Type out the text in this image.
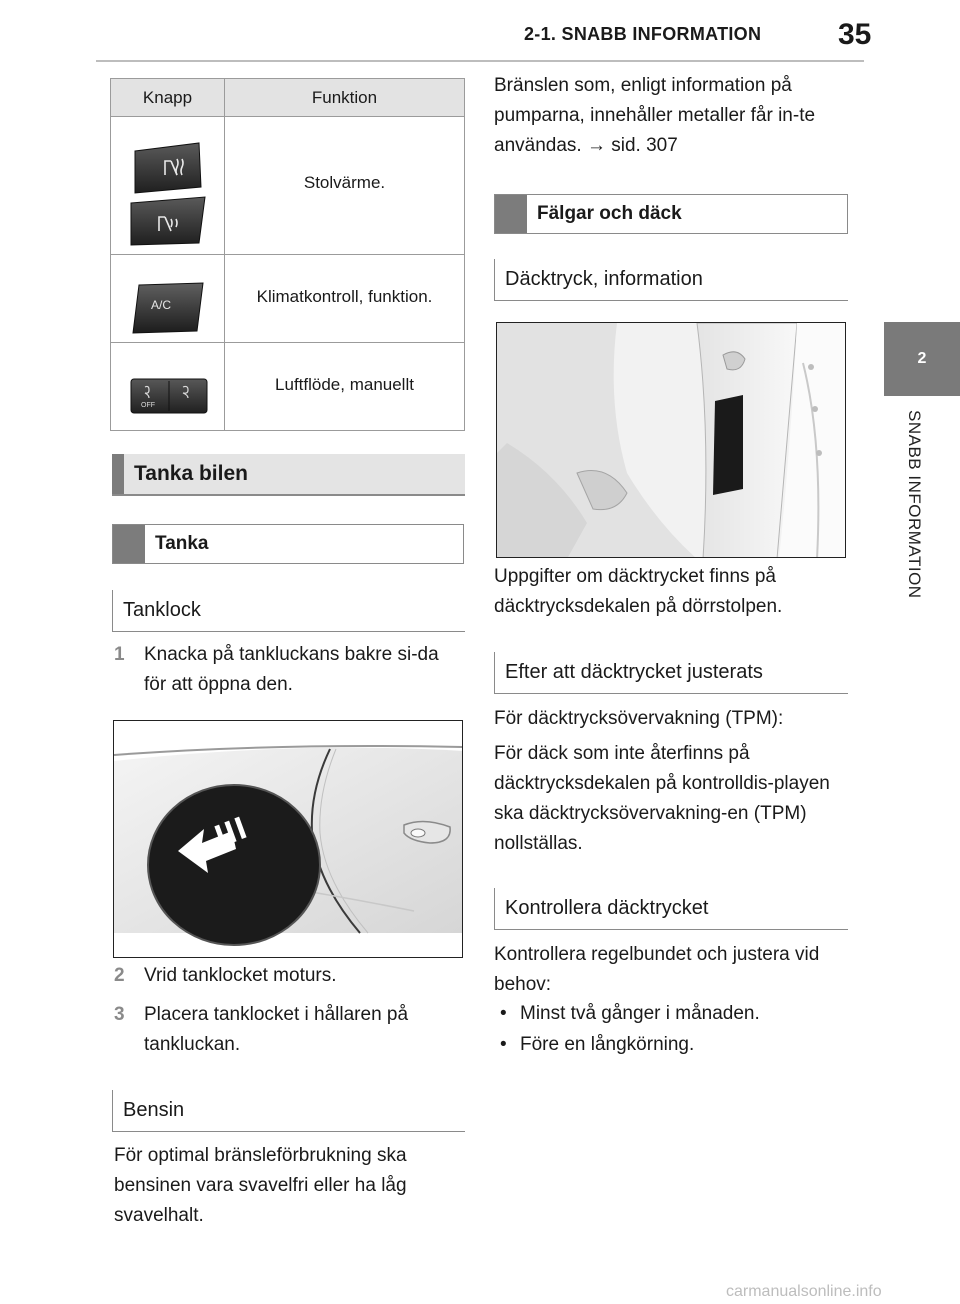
2-1. SNABB INFORMATION	35
2
SNABB INFORMATION
Knapp	Funktion

	Stolvärme.

A/C	Klimatkontroll, funktion.

OFF	Luftflöde, manuellt
Tanka bilen
Tanka
Tanklock
1	Knacka på tankluckans bakre si-da för att öppna den.
2	Vrid tanklocket moturs.
3	Placera tanklocket i hållaren på tankluckan.
Bensin
För optimal bränsleförbrukning ska bensinen vara svavelfri eller ha låg svavelhalt.
Bränslen som, enligt information på pumparna, innehåller metaller får in-te användas. → sid. 307
Fälgar och däck
Däcktryck, information
Uppgifter om däcktrycket finns på däcktrycksdekalen på dörrstolpen.
Efter att däcktrycket justerats
För däcktrycksövervakning (TPM):
För däck som inte återfinns på däcktrycksdekalen på kontrolldis-playen ska däcktrycksövervakning-en (TPM) nollställas.
Kontrollera däcktrycket
Kontrollera regelbundet och justera vid behov:
• Minst två gånger i månaden.
• Före en långkörning.
carmanualsonline.info
